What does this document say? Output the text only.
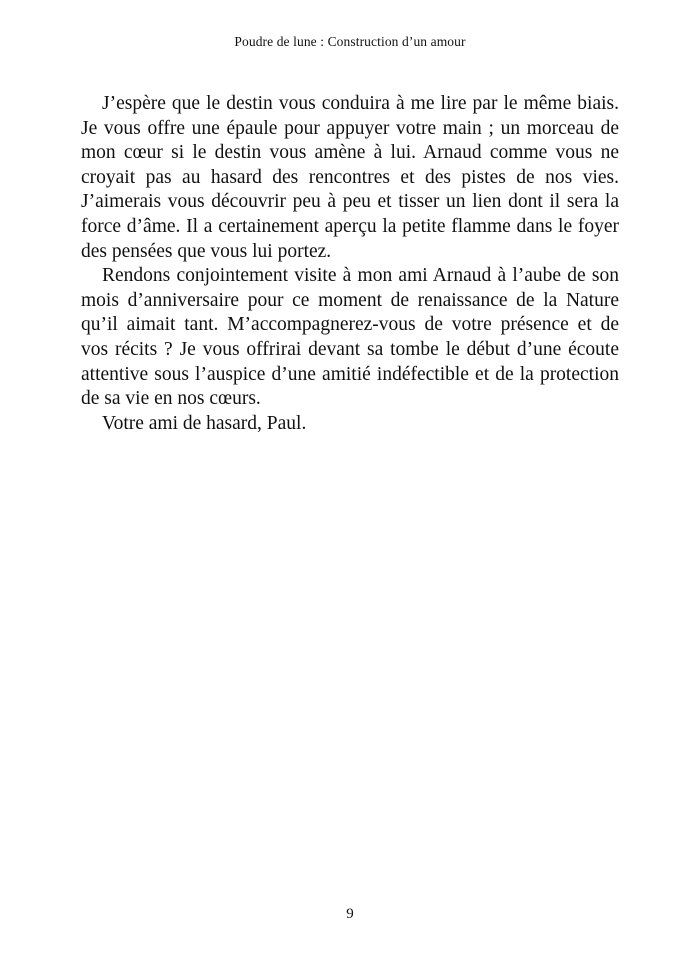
Poudre de lune : Construction d’un amour

J’espère que le destin vous conduira à me lire par le même biais. Je vous offre une épaule pour appuyer votre main ; un morceau de mon cœur si le destin vous amène à lui. Arnaud comme vous ne croyait pas au hasard des rencontres et des pistes de nos vies. J’aimerais vous découvrir peu à peu et tisser un lien dont il sera la force d’âme. Il a certainement aperçu la petite flamme dans le foyer des pensées que vous lui portez.

Rendons conjointement visite à mon ami Arnaud à l’aube de son mois d’anniversaire pour ce moment de renaissance de la Nature qu’il aimait tant. M’accompagnerez-vous de votre présence et de vos récits ? Je vous offrirai devant sa tombe le début d’une écoute attentive sous l’auspice d’une amitié indéfectible et de la protection de sa vie en nos cœurs.

Votre ami de hasard, Paul.

9
